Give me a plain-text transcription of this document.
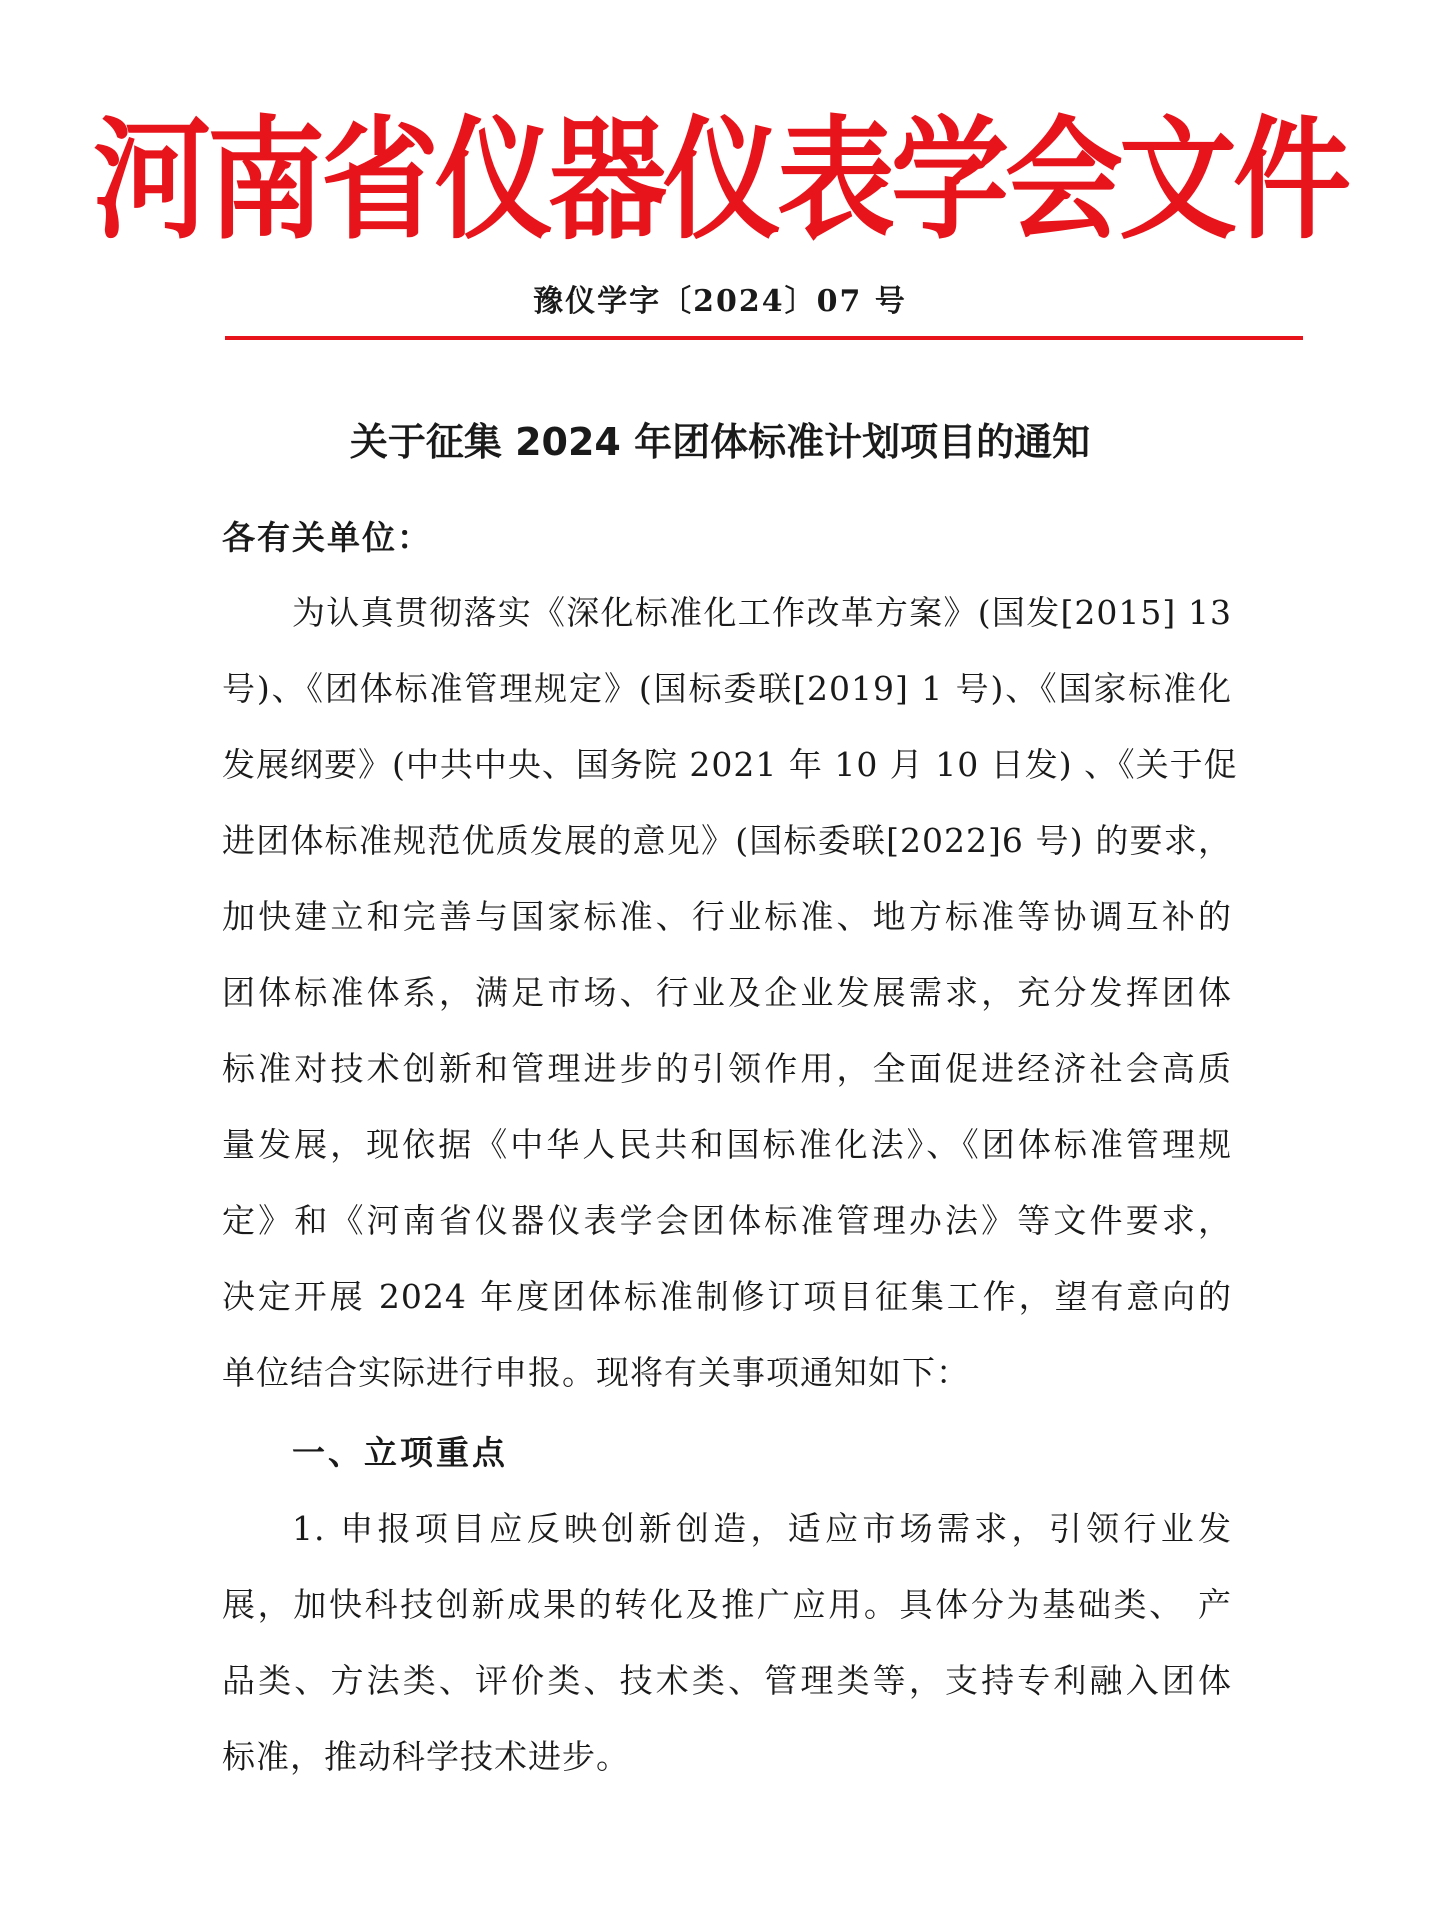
河南省仪器仪表学会文件
豫仪学字〔2024〕07 号
关于征集 2024 年团体标准计划项目的通知
各有关单位：
为认真贯彻落实《深化标准化工作改革方案》(国发[2015] 13
号)、《团体标准管理规定》(国标委联[2019] 1 号)、《国家标准化
发展纲要》(中共中央、国务院 2021 年 10 月 10 日发) 、《关于促
进团体标准规范优质发展的意见》(国标委联[2022]6 号) 的要求，
加快建立和完善与国家标准、行业标准、地方标准等协调互补的
团体标准体系，满足市场、行业及企业发展需求，充分发挥团体
标准对技术创新和管理进步的引领作用，全面促进经济社会高质
量发展，现依据《中华人民共和国标准化法》、《团体标准管理规
定》和《河南省仪器仪表学会团体标准管理办法》等文件要求，
决定开展 2024 年度团体标准制修订项目征集工作，望有意向的
单位结合实际进行申报。现将有关事项通知如下：
一、立项重点
1. 申报项目应反映创新创造，适应市场需求，引领行业发
展，加快科技创新成果的转化及推广应用。具体分为基础类、 产
品类、方法类、评价类、技术类、管理类等，支持专利融入团体
标准，推动科学技术进步。
